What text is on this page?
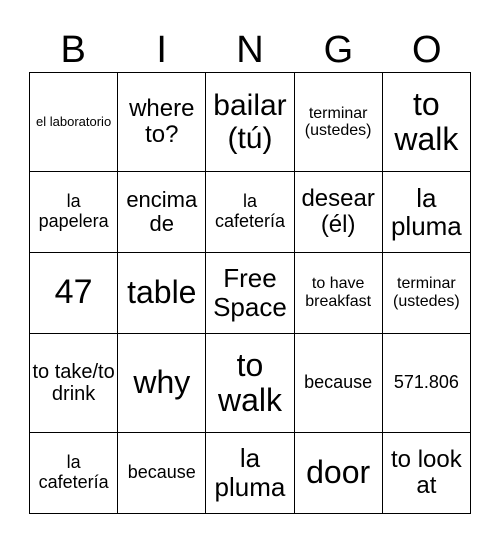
B	I	N	G	O
el laboratorio	where to?	bailar (tú)	terminar (ustedes)	to walk
la papelera	encima de	la cafetería	desear (él)	la pluma
47	table	Free Space	to have breakfast	terminar (ustedes)
to take/to drink	why	to walk	because	571.806
la cafetería	because	la pluma	door	to look at
